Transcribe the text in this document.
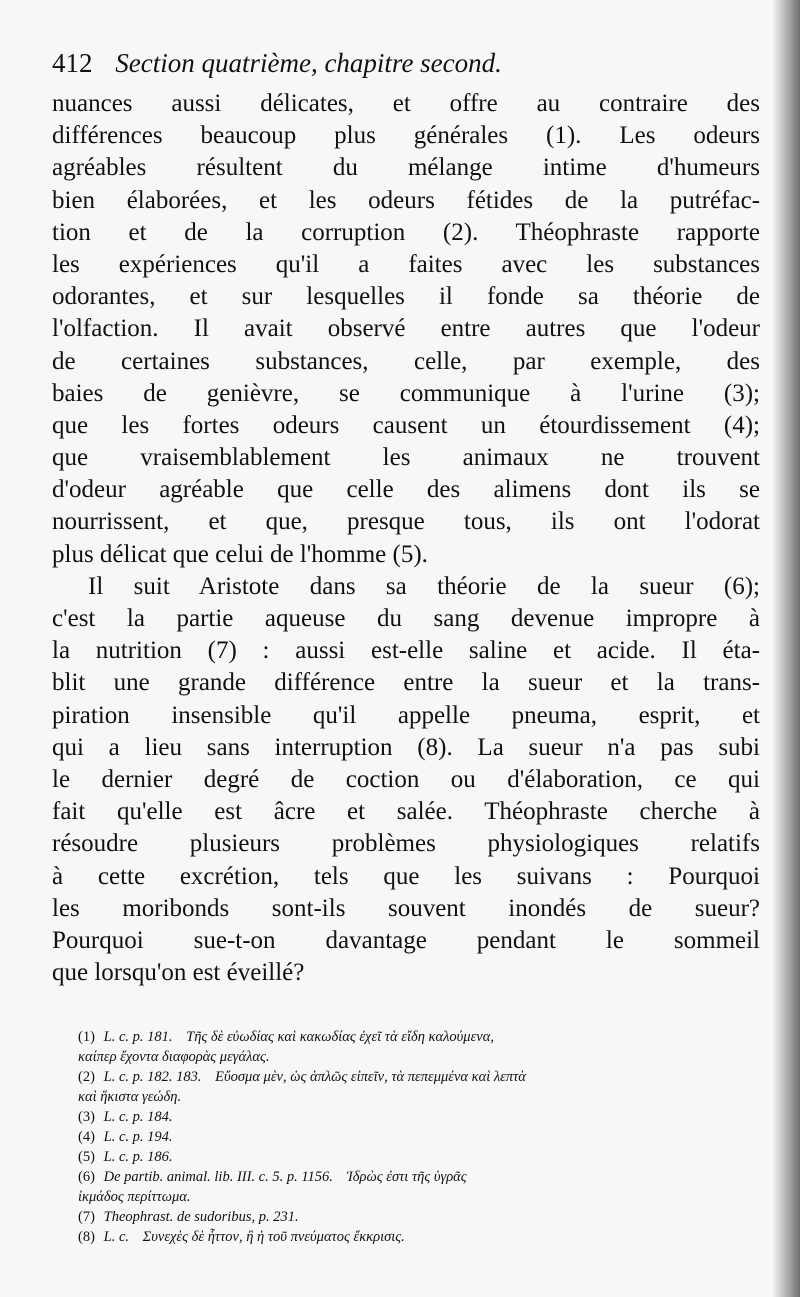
412 Section quatrième, chapitre second.
nuances aussi délicates, et offre au contraire des
différences beaucoup plus générales (1). Les odeurs
agréables résultent du mélange intime d'humeurs
bien élaborées, et les odeurs fétides de la putréfac-
tion et de la corruption (2). Théophraste rapporte
les expériences qu'il a faites avec les substances
odorantes, et sur lesquelles il fonde sa théorie de
l'olfaction. Il avait observé entre autres que l'odeur
de certaines substances, celle, par exemple, des
baies de genièvre, se communique à l'urine (3);
que les fortes odeurs causent un étourdissement (4);
que vraisemblablement les animaux ne trouvent
d'odeur agréable que celle des alimens dont ils se
nourrissent, et que, presque tous, ils ont l'odorat
plus délicat que celui de l'homme (5).
Il suit Aristote dans sa théorie de la sueur (6);
c'est la partie aqueuse du sang devenue impropre à
la nutrition (7) : aussi est-elle saline et acide. Il éta-
blit une grande différence entre la sueur et la trans-
piration insensible qu'il appelle pneuma, esprit, et
qui a lieu sans interruption (8). La sueur n'a pas subi
le dernier degré de coction ou d'élaboration, ce qui
fait qu'elle est âcre et salée. Théophraste cherche à
résoudre plusieurs problèmes physiologiques relatifs
à cette excrétion, tels que les suivans : Pourquoi
les moribonds sont-ils souvent inondés de sueur?
Pourquoi sue-t-on davantage pendant le sommeil
que lorsqu'on est éveillé?
(1) L. c. p. 181. Τῆς δὲ εὐωδίας καὶ κακωδίας ἐχεῖ τὰ εἴδη καλούμενα,
καίπερ ἔχοντα διαφορὰς μεγάλας.
(2) L. c. p. 182. 183. Εὔοσμα μὲν, ὡς ἁπλῶς εἰπεῖν, τὰ πεπεμμένα καὶ λεπτὰ
καὶ ἥκιστα γεώδη.
(3) L. c. p. 184.
(4) L. c. p. 194.
(5) L. c. p. 186.
(6) De partib. animal. lib. III. c. 5. p. 1156. Ἱδρὼς ἐστι τῆς ὑγρᾶς
ἰκμάδος περίττωμα.
(7) Theophrast. de sudoribus, p. 231.
(8) L. c. Συνεχὲς δὲ ἧττον, ἢ ἡ τοῦ πνεύματος ἔκκρισις.
